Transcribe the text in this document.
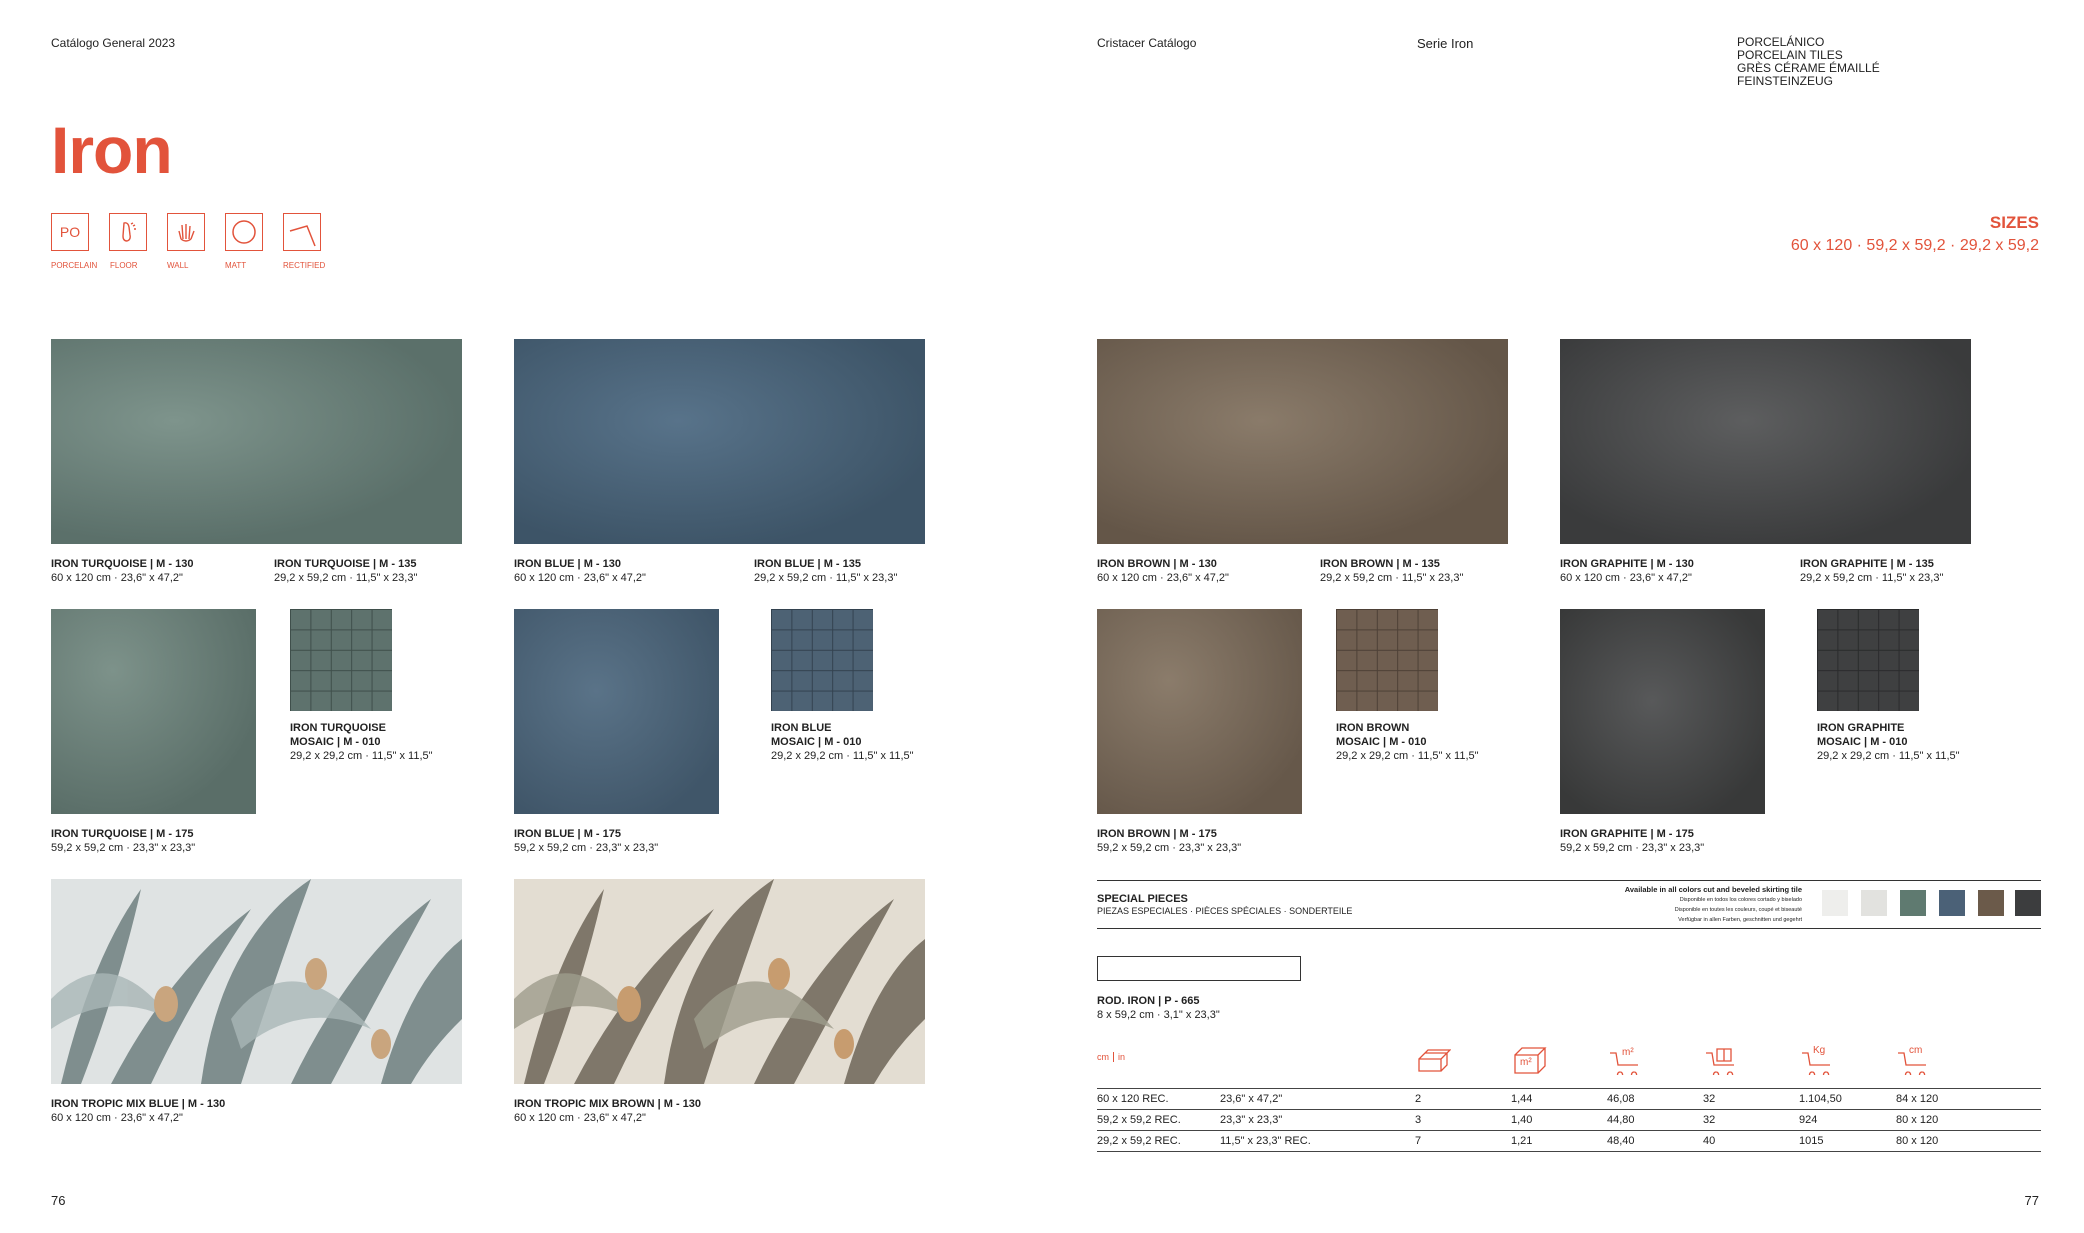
Catálogo General 2023	Cristacer Catálogo	Serie Iron	PORCELÁNICO
PORCELAIN TILES
GRÈS CÉRAME ÉMAILLÉ
FEINSTEINZEUG
Iron
PO
PORCELAIN FLOOR	WALL	MATT	RECTIFIED
SIZES
60 x 120 · 59,2 x 59,2 · 29,2 x 59,2
IRON TURQUOISE | M - 130
60 x 120 cm · 23,6" x 47,2"
IRON TURQUOISE | M - 135
29,2 x 59,2 cm · 11,5" x 23,3"
IRON BLUE | M - 130
60 x 120 cm · 23,6" x 47,2"
IRON BLUE | M - 135
29,2 x 59,2 cm · 11,5" x 23,3"
IRON TURQUOISE
MOSAIC | M - 010
29,2 x 29,2 cm · 11,5" x 11,5"
IRON BLUE
MOSAIC | M - 010
29,2 x 29,2 cm · 11,5" x 11,5"
IRON TURQUOISE | M - 175
59,2 x 59,2 cm · 23,3" x 23,3"
IRON BLUE | M - 175
59,2 x 59,2 cm · 23,3" x 23,3"
IRON TROPIC MIX BLUE | M - 130
60 x 120 cm · 23,6" x 47,2"
IRON TROPIC MIX BROWN | M - 130
60 x 120 cm · 23,6" x 47,2"
IRON BROWN | M - 130
60 x 120 cm · 23,6" x 47,2"
IRON BROWN | M - 135
29,2 x 59,2 cm · 11,5" x 23,3"
IRON GRAPHITE | M - 130
60 x 120 cm · 23,6" x 47,2"
IRON GRAPHITE | M - 135
29,2 x 59,2 cm · 11,5" x 23,3"
IRON BROWN
MOSAIC | M - 010
29,2 x 29,2 cm · 11,5" x 11,5"
IRON GRAPHITE
MOSAIC | M - 010
29,2 x 29,2 cm · 11,5" x 11,5"
IRON BROWN | M - 175
59,2 x 59,2 cm · 23,3" x 23,3"
IRON GRAPHITE | M - 175
59,2 x 59,2 cm · 23,3" x 23,3"
SPECIAL PIECES
PIEZAS ESPECIALES · PIÈCES SPÉCIALES · SONDERTEILE
Available in all colors cut and beveled skirting tile
Disponible en todos los colores cortado y biselado
Disponible en toutes les couleurs, coupé et biseauté
Verfügbar in allen Farben, geschnitten und gegehrt
ROD. IRON | P - 665
8 x 59,2 cm · 3,1" x 23,3"
cm in	m²
m²	Kg	cm
60 x 120 REC.	23,6" x 47,2"	2	1,44	46,08	32	1.104,50	84 x 120
59,2 x 59,2 REC.	23,3" x 23,3"	3	1,40	44,80	32	924	80 x 120
29,2 x 59,2 REC.	11,5" x 23,3" REC.	7	1,21	48,40	40	1015	80 x 120
76	77
